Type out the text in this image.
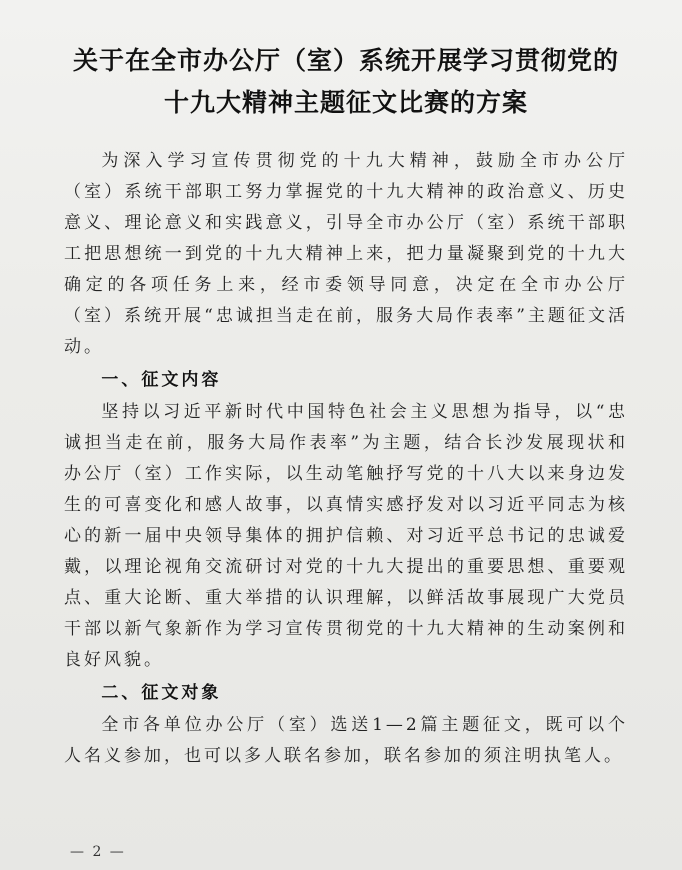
关于在全市办公厅（室）系统开展学习贯彻党的
十九大精神主题征文比赛的方案

为深入学习宣传贯彻党的十九大精神，鼓励全市办公厅（室）系统干部职工努力掌握党的十九大精神的政治意义、历史意义、理论意义和实践意义，引导全市办公厅（室）系统干部职工把思想统一到党的十九大精神上来，把力量凝聚到党的十九大确定的各项任务上来，经市委领导同意，决定在全市办公厅（室）系统开展“忠诚担当走在前，服务大局作表率”主题征文活动。

一、征文内容

坚持以习近平新时代中国特色社会主义思想为指导，以“忠诚担当走在前，服务大局作表率”为主题，结合长沙发展现状和办公厅（室）工作实际，以生动笔触抒写党的十八大以来身边发生的可喜变化和感人故事，以真情实感抒发对以习近平同志为核心的新一届中央领导集体的拥护信赖、对习近平总书记的忠诚爱戴，以理论视角交流研讨对党的十九大提出的重要思想、重要观点、重大论断、重大举措的认识理解，以鲜活故事展现广大党员干部以新气象新作为学习宣传贯彻党的十九大精神的生动案例和良好风貌。

二、征文对象

全市各单位办公厅（室）选送1—2篇主题征文，既可以个人名义参加，也可以多人联名参加，联名参加的须注明执笔人。

— 2 —
